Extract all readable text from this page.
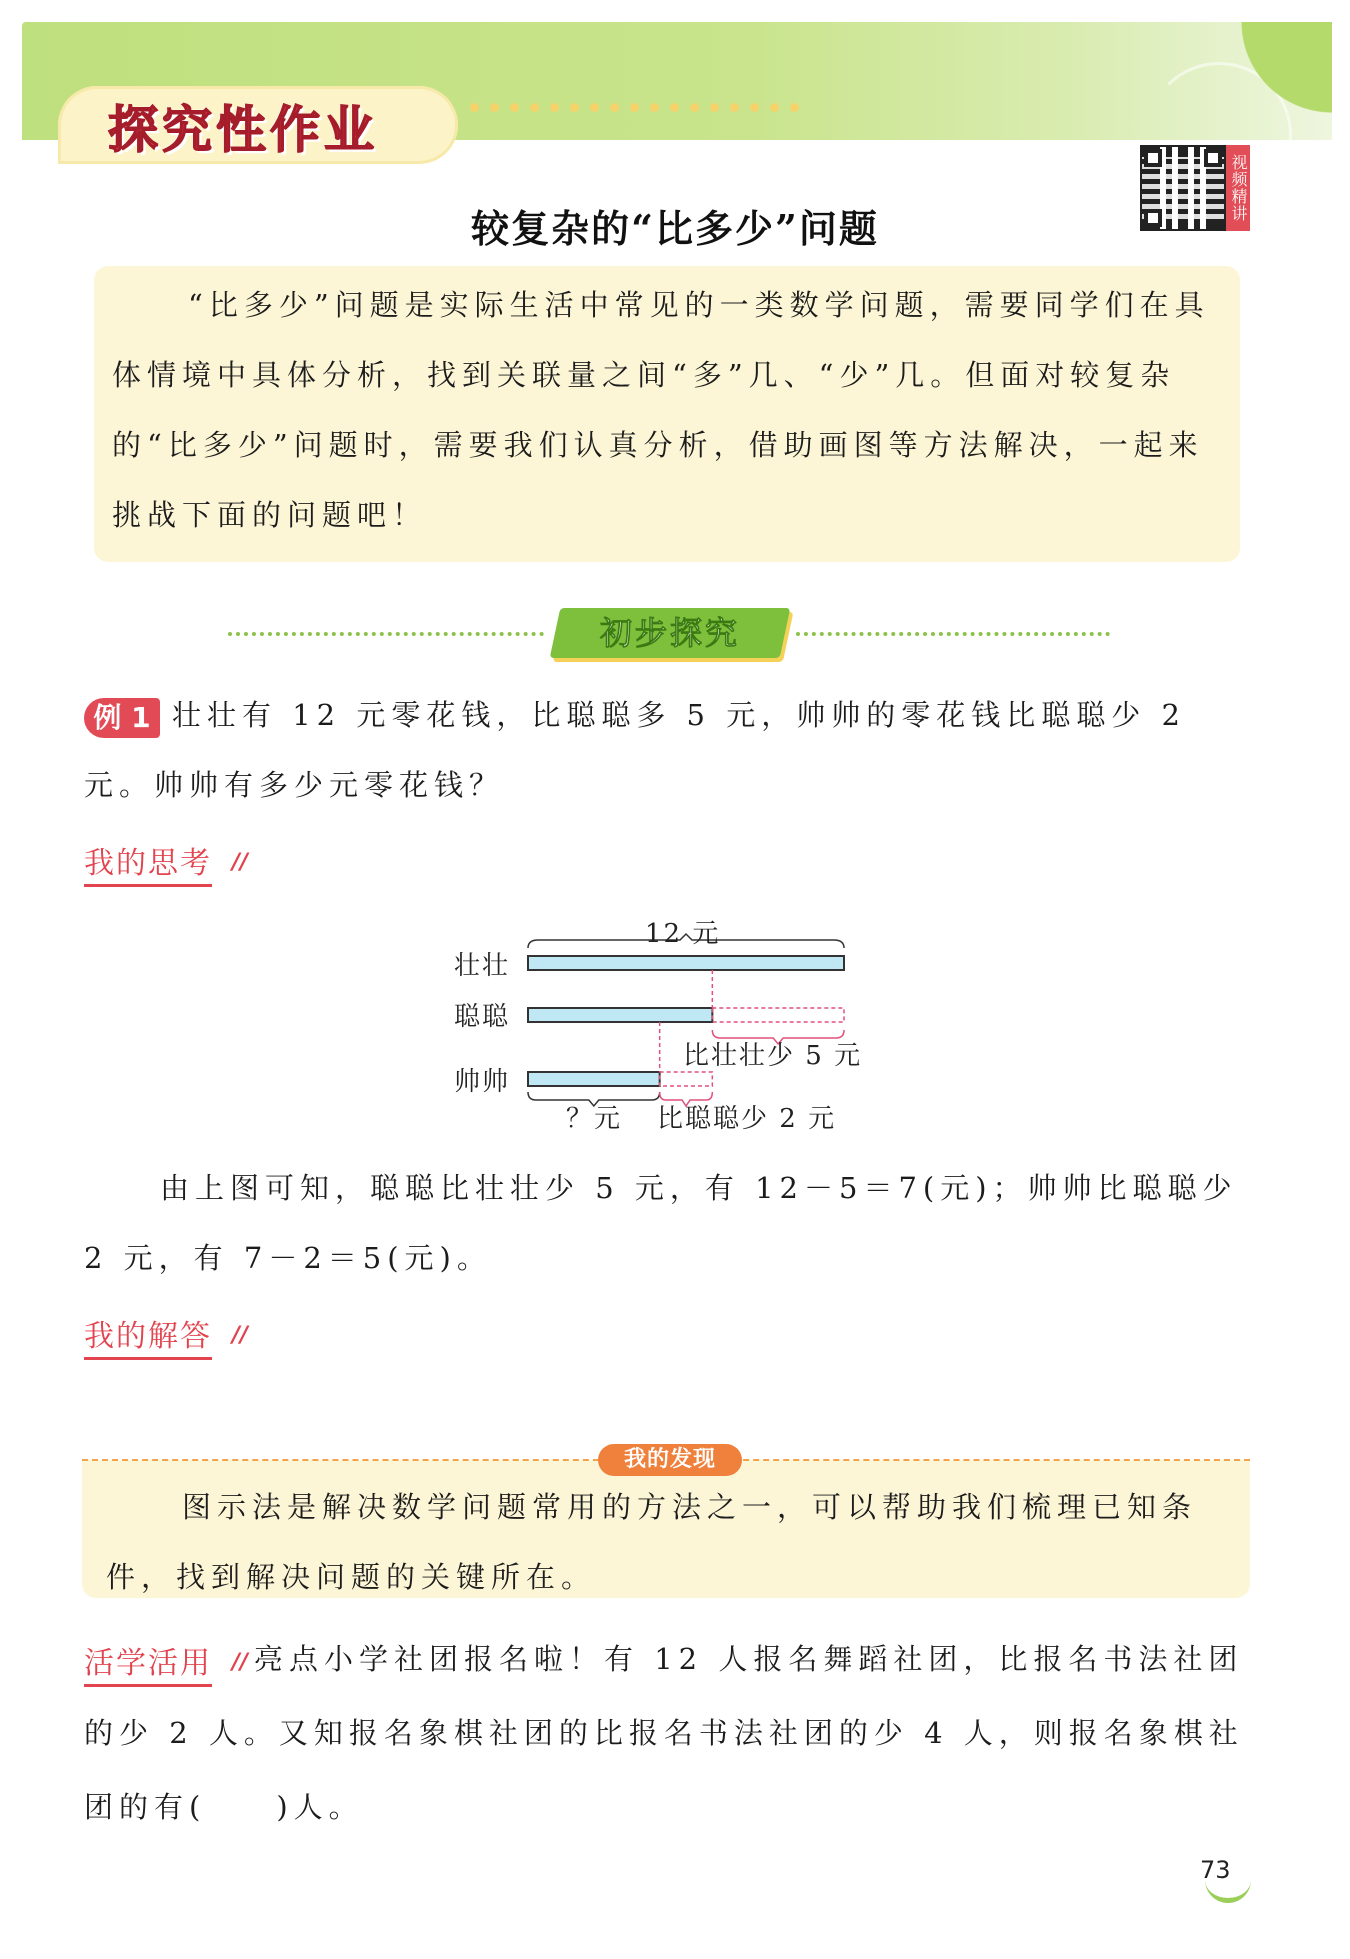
探究性作业
视频精讲
较复杂的“比多少”问题
“比多少”问题是实际生活中常见的一类数学问题，需要同学们在具体情境中具体分析，找到关联量之间“多”几、“少”几。但面对较复杂的“比多少”问题时，需要我们认真分析，借助画图等方法解决，一起来挑战下面的问题吧！
初步探究
壮壮有 12 元零花钱，比聪聪多 5 元，帅帅的零花钱比聪聪少 2 元。帅帅有多少元零花钱？
例 1
我的思考 //
12 元
壮壮
聪聪
帅帅
比壮壮少 5 元
？元 比聪聪少 2 元
由上图可知，聪聪比壮壮少 5 元，有 12－5＝7(元)；帅帅比聪聪少 2 元，有 7－2＝5(元)。
我的解答 //
我的发现
图示法是解决数学问题常用的方法之一，可以帮助我们梳理已知条件，找到解决问题的关键所在。
亮点小学社团报名啦！有 12 人报名舞蹈社团，比报名书法社团的少 2 人。又知报名象棋社团的比报名书法社团的少 4 人，则报名象棋社团的有(　　)人。
活学活用 //
73
